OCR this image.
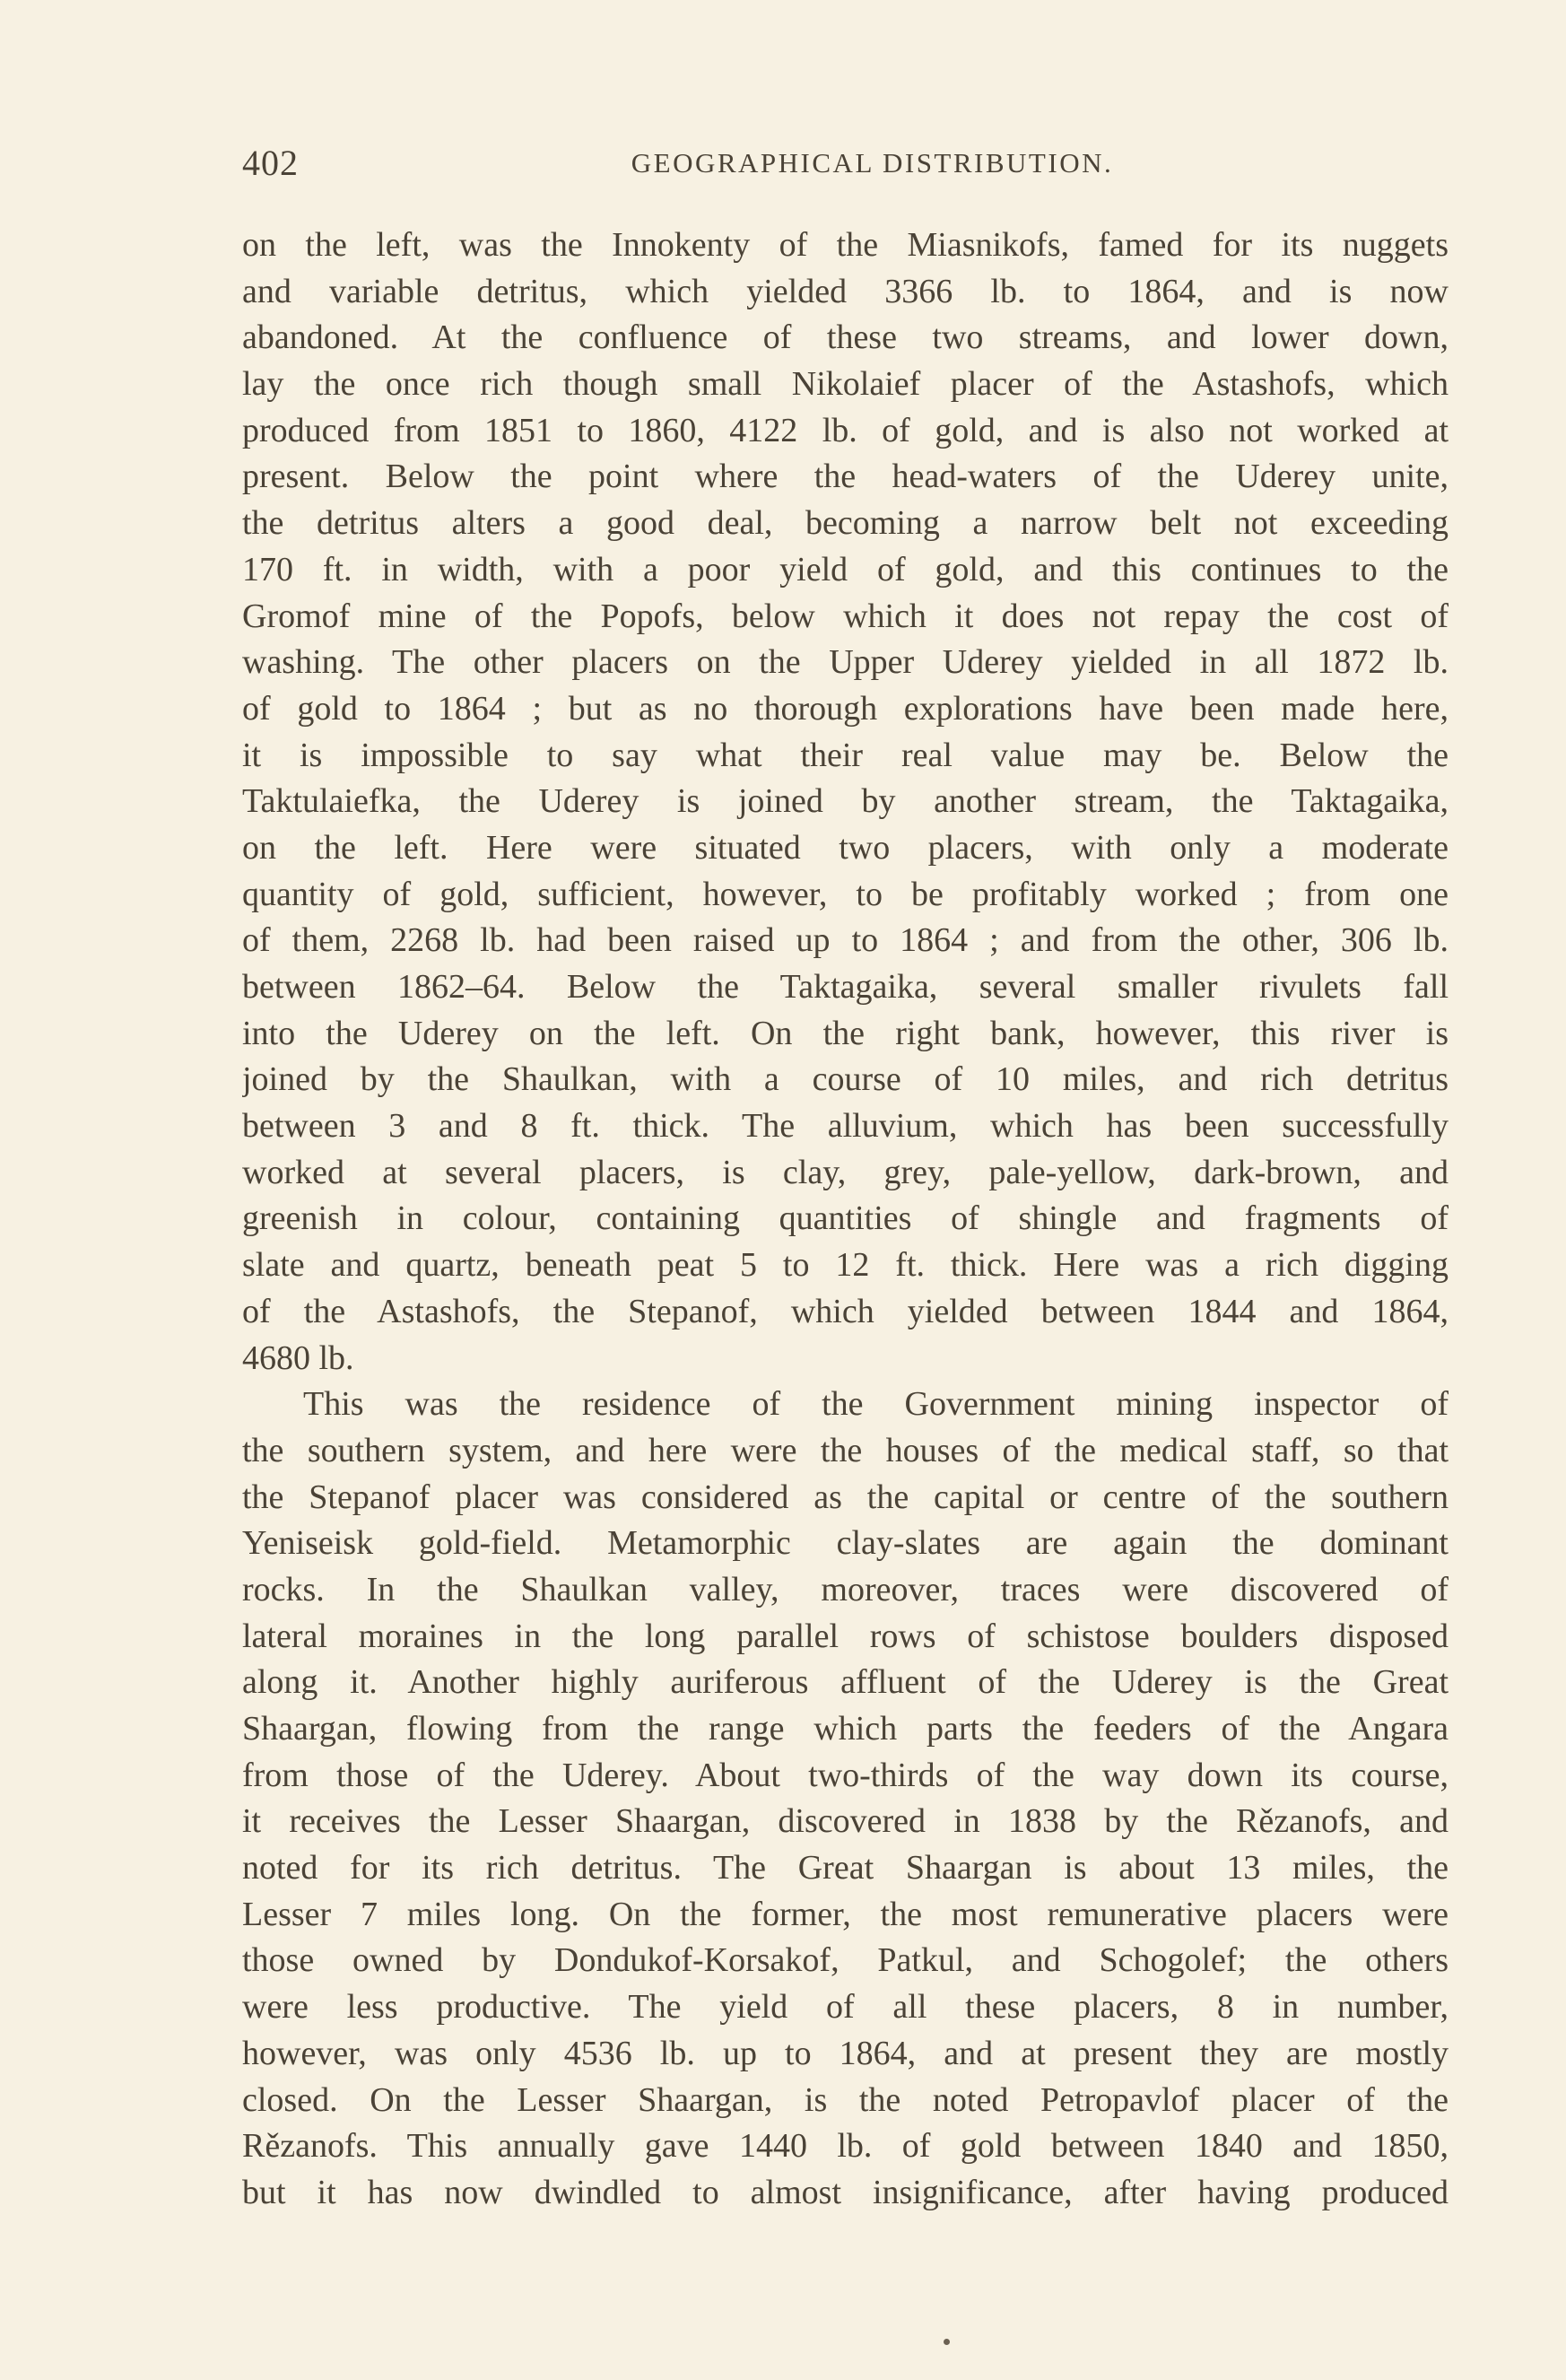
402	GEOGRAPHICAL DISTRIBUTION.
on the left, was the Innokenty of the Miasnikofs, famed for its nuggets
and variable detritus, which yielded 3366 lb. to 1864, and is now
abandoned. At the confluence of these two streams, and lower down,
lay the once rich though small Nikolaief placer of the Astashofs, which
produced from 1851 to 1860, 4122 lb. of gold, and is also not worked at
present. Below the point where the head-waters of the Uderey unite,
the detritus alters a good deal, becoming a narrow belt not exceeding
170 ft. in width, with a poor yield of gold, and this continues to the
Gromof mine of the Popofs, below which it does not repay the cost of
washing. The other placers on the Upper Uderey yielded in all 1872 lb.
of gold to 1864 ; but as no thorough explorations have been made here,
it is impossible to say what their real value may be. Below the
Taktulaiefka, the Uderey is joined by another stream, the Taktagaika,
on the left. Here were situated two placers, with only a moderate
quantity of gold, sufficient, however, to be profitably worked ; from one
of them, 2268 lb. had been raised up to 1864 ; and from the other, 306 lb.
between 1862–64. Below the Taktagaika, several smaller rivulets fall
into the Uderey on the left. On the right bank, however, this river is
joined by the Shaulkan, with a course of 10 miles, and rich detritus
between 3 and 8 ft. thick. The alluvium, which has been successfully
worked at several placers, is clay, grey, pale-yellow, dark-brown, and
greenish in colour, containing quantities of shingle and fragments of
slate and quartz, beneath peat 5 to 12 ft. thick. Here was a rich digging
of the Astashofs, the Stepanof, which yielded between 1844 and 1864,
4680 lb.
This was the residence of the Government mining inspector of
the southern system, and here were the houses of the medical staff, so that
the Stepanof placer was considered as the capital or centre of the southern
Yeniseisk gold-field. Metamorphic clay-slates are again the dominant
rocks. In the Shaulkan valley, moreover, traces were discovered of
lateral moraines in the long parallel rows of schistose boulders disposed
along it. Another highly auriferous affluent of the Uderey is the Great
Shaargan, flowing from the range which parts the feeders of the Angara
from those of the Uderey. About two-thirds of the way down its course,
it receives the Lesser Shaargan, discovered in 1838 by the Rězanofs, and
noted for its rich detritus. The Great Shaargan is about 13 miles, the
Lesser 7 miles long. On the former, the most remunerative placers were
those owned by Dondukof-Korsakof, Patkul, and Schogolef; the others
were less productive. The yield of all these placers, 8 in number,
however, was only 4536 lb. up to 1864, and at present they are mostly
closed. On the Lesser Shaargan, is the noted Petropavlof placer of the
Rězanofs. This annually gave 1440 lb. of gold between 1840 and 1850,
but it has now dwindled to almost insignificance, after having produced
